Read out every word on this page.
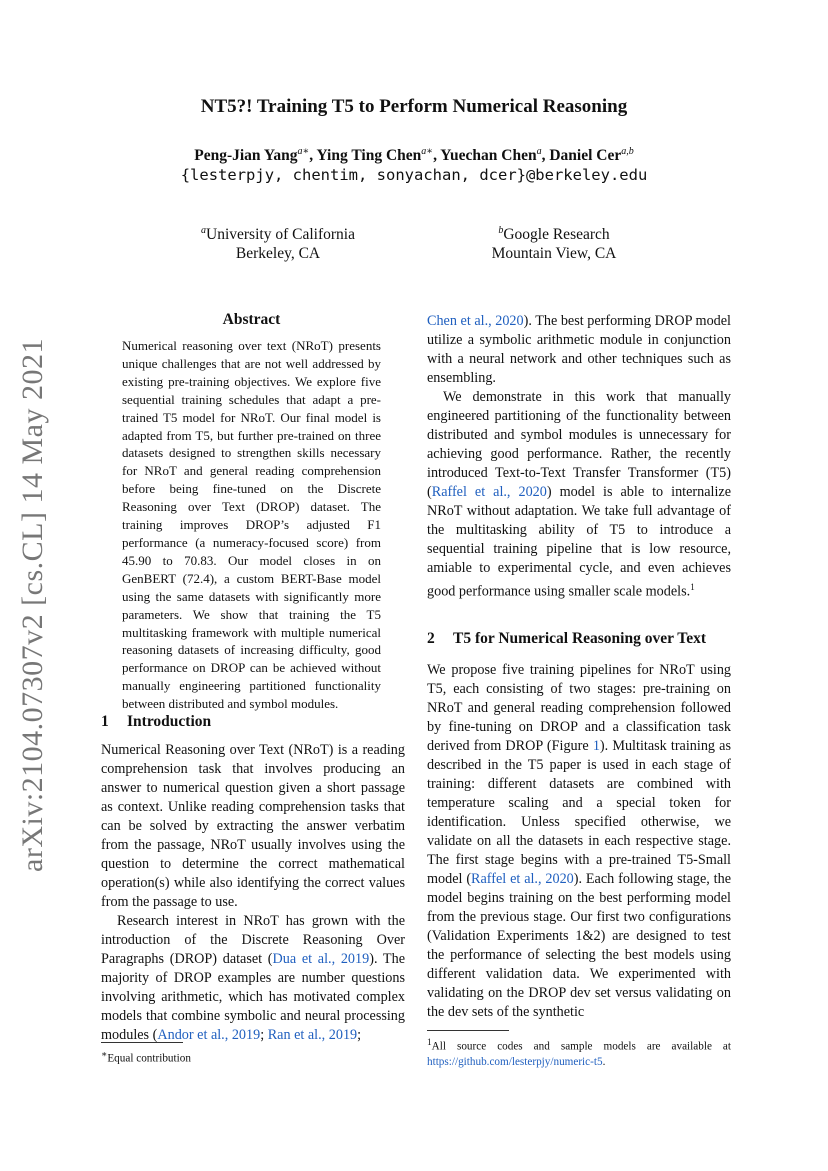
arXiv:2104.07307v2 [cs.CL] 14 May 2021
NT5?! Training T5 to Perform Numerical Reasoning
Peng-Jian Yang$^{a∗}$, Ying Ting Chen$^{a∗}$, Yuechan Chen$^a$, Daniel Cer$^{a,b}$
{lesterpjy, chentim, sonyachan, dcer}@berkeley.edu
$^a$University of California
Berkeley, CA
$^b$Google Research
Mountain View, CA
Abstract

Numerical reasoning over text (NRoT) presents unique challenges that are not well addressed by existing pre-training objectives. We explore five sequential training schedules that adapt a pre-trained T5 model for NRoT. Our final model is adapted from T5, but further pre-trained on three datasets designed to strengthen skills necessary for NRoT and general reading comprehension before being fine-tuned on the Discrete Reasoning over Text (DROP) dataset. The training improves DROP’s adjusted F1 performance (a numeracy-focused score) from 45.90 to 70.83. Our model closes in on GenBERT (72.4), a custom BERT-Base model using the same datasets with significantly more parameters. We show that training the T5 multitasking framework with multiple numerical reasoning datasets of increasing difficulty, good performance on DROP can be achieved without manually engineering partitioned functionality between distributed and symbol modules.

1 Introduction

Numerical Reasoning over Text (NRoT) is a reading comprehension task that involves producing an answer to numerical question given a short passage as context. Unlike reading comprehension tasks that can be solved by extracting the answer verbatim from the passage, NRoT usually involves using the question to determine the correct mathematical operation(s) while also identifying the correct values from the passage to use.

Research interest in NRoT has grown with the introduction of the Discrete Reasoning Over Paragraphs (DROP) dataset (Dua et al., 2019). The majority of DROP examples are number questions involving arithmetic, which has motivated complex models that combine symbolic and neural processing modules (Andor et al., 2019; Ran et al., 2019;

∗Equal contribution

Chen et al., 2020). The best performing DROP model utilize a symbolic arithmetic module in conjunction with a neural network and other techniques such as ensembling.

We demonstrate in this work that manually engineered partitioning of the functionality between distributed and symbol modules is unnecessary for achieving good performance. Rather, the recently introduced Text-to-Text Transfer Transformer (T5) (Raffel et al., 2020) model is able to internalize NRoT without adaptation. We take full advantage of the multitasking ability of T5 to introduce a sequential training pipeline that is low resource, amiable to experimental cycle, and even achieves good performance using smaller scale models.$^1$

2 T5 for Numerical Reasoning over Text

We propose five training pipelines for NRoT using T5, each consisting of two stages: pre-training on NRoT and general reading comprehension followed by fine-tuning on DROP and a classification task derived from DROP (Figure 1). Multitask training as described in the T5 paper is used in each stage of training: different datasets are combined with temperature scaling and a special token for identification. Unless specified otherwise, we validate on all the datasets in each respective stage. The first stage begins with a pre-trained T5-Small model (Raffel et al., 2020). Each following stage, the model begins training on the best performing model from the previous stage. Our first two configurations (Validation Experiments 1&2) are designed to test the performance of selecting the best models using different validation data. We experimented with validating on the DROP dev set versus validating on the dev sets of the synthetic

$^1$All source codes and sample models are available at https://github.com/lesterpjy/numeric-t5.
